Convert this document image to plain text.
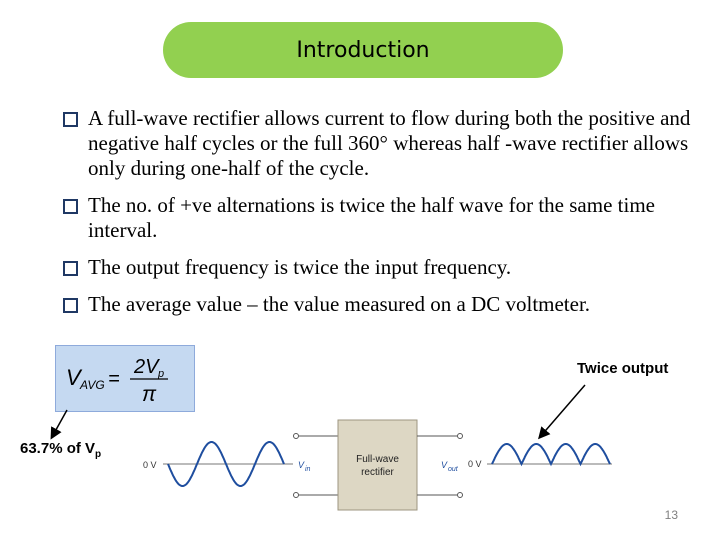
Introduction
A full-wave rectifier allows current to flow during both the positive and negative half cycles or the full 360° whereas half -wave rectifier allows only during one-half of the cycle.
The no. of +ve alternations is twice the half wave for the same time interval.
The output frequency is twice the input frequency.
The average value – the value measured on a DC voltmeter.
V AVG =
2V p
π
Twice output
63.7% of $V_p$
0 V	V in
Full-wave
rectifier
V out
0 V
13
